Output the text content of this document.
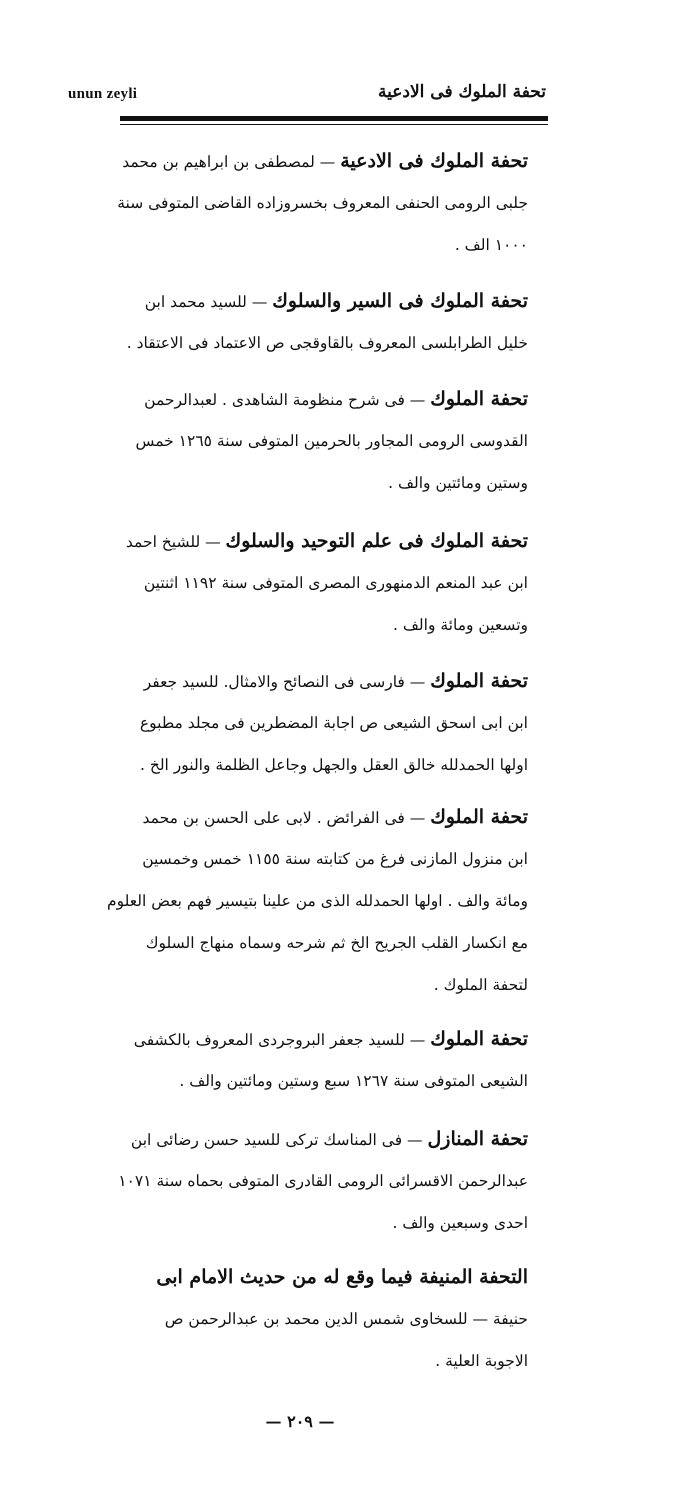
unun zeyli	تحفة الملوك فى الادعية
تحفة الملوك فى الادعية — لمصطفى بن ابراهيم بن محمد
جلبى الرومى الحنفى المعروف بخسروزاده القاضى المتوفى سنة
١٠٠٠ الف .
تحفة الملوك فى السير والسلوك — للسيد محمد ابن
خليل الطرابلسى المعروف بالقاوقجى ص الاعتماد فى الاعتقاد .
تحفة الملوك — فى شرح منظومة الشاهدى . لعبدالرحمن
القدوسى الرومى المجاور بالحرمين المتوفى سنة ١٢٦٥ خمس
وستين ومائتين والف .
تحفة الملوك فى علم التوحيد والسلوك — للشيخ احمد
ابن عبد المنعم الدمنهورى المصرى المتوفى سنة ١١٩٢ اثنتين
وتسعين ومائة والف .
تحفة الملوك — فارسى فى النصائح والامثال. للسيد جعفر
ابن ابى اسحق الشيعى ص اجابة المضطرين فى مجلد مطبوع
اولها الحمدلله خالق العقل والجهل وجاعل الظلمة والنور الخ .
تحفة الملوك — فى الفرائض . لابى على الحسن بن محمد
ابن منزول المازنى فرغ من كتابته سنة ١١٥٥ خمس وخمسين
ومائة والف . اولها الحمدلله الذى من علينا بتيسير فهم بعض العلوم
مع انكسار القلب الجريح الخ ثم شرحه وسماه منهاج السلوك
لتحفة الملوك .
تحفة الملوك — للسيد جعفر البروجردى المعروف بالكشفى
الشيعى المتوفى سنة ١٢٦٧ سبع وستين ومائتين والف .
تحفة المنازل — فى المناسك تركى للسيد حسن رضائى ابن
عبدالرحمن الاقسرائى الرومى القادرى المتوفى بحماه سنة ١٠٧١
احدى وسبعين والف .
التحفة المنيفة فيما وقع له من حديث الامام ابى
حنيفة — للسخاوى شمس الدين محمد بن عبدالرحمن ص
الاجوبة العلية .
— ٢٠٩ —
